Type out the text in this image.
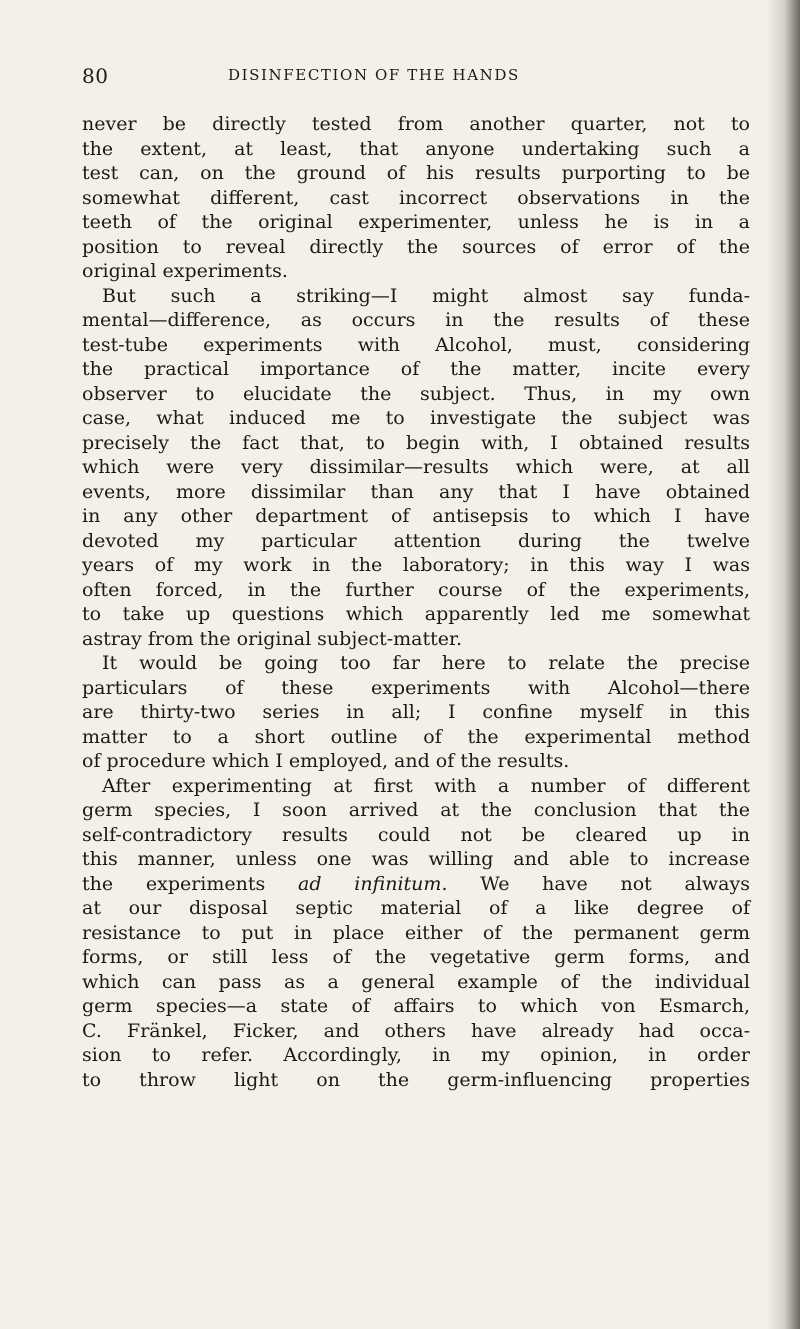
80	DISINFECTION OF THE HANDS
never be directly tested from another quarter, not to
the extent, at least, that anyone undertaking such a
test can, on the ground of his results purporting to be
somewhat different, cast incorrect observations in the
teeth of the original experimenter, unless he is in a
position to reveal directly the sources of error of the
original experiments.
But such a striking—I might almost say funda-
mental—difference, as occurs in the results of these
test-tube experiments with Alcohol, must, considering
the practical importance of the matter, incite every
observer to elucidate the subject. Thus, in my own
case, what induced me to investigate the subject was
precisely the fact that, to begin with, I obtained results
which were very dissimilar—results which were, at all
events, more dissimilar than any that I have obtained
in any other department of antisepsis to which I have
devoted my particular attention during the twelve
years of my work in the laboratory; in this way I was
often forced, in the further course of the experiments,
to take up questions which apparently led me somewhat
astray from the original subject-matter.
It would be going too far here to relate the precise
particulars of these experiments with Alcohol—there
are thirty-two series in all; I confine myself in this
matter to a short outline of the experimental method
of procedure which I employed, and of the results.
After experimenting at first with a number of different
germ species, I soon arrived at the conclusion that the
self-contradictory results could not be cleared up in
this manner, unless one was willing and able to increase
the experiments ad infinitum. We have not always
at our disposal septic material of a like degree of
resistance to put in place either of the permanent germ
forms, or still less of the vegetative germ forms, and
which can pass as a general example of the individual
germ species—a state of affairs to which von Esmarch,
C. Fränkel, Ficker, and others have already had occa-
sion to refer. Accordingly, in my opinion, in order
to throw light on the germ-influencing properties
